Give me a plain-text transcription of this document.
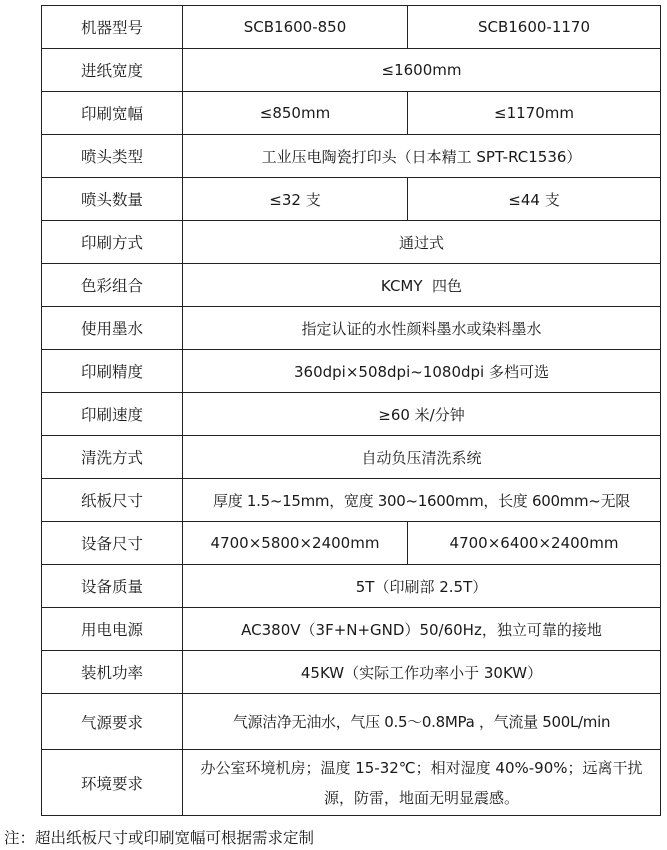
机器型号	SCB1600-850	SCB1600-1170
进纸宽度	≤1600mm	
印刷宽幅	≤850mm	≤1170mm
喷头类型	工业压电陶瓷打印头（日本精工 SPT-RC1536）	
喷头数量	≤32 支	≤44 支
印刷方式	通过式	
色彩组合	KCMY  四色	
使用墨水	指定认证的水性颜料墨水或染料墨水	
印刷精度	360dpi×508dpi~1080dpi 多档可选	
印刷速度	≥60 米/分钟	
清洗方式	自动负压清洗系统	
纸板尺寸	厚度 1.5~15mm，宽度 300~1600mm，长度 600mm~无限	
设备尺寸	4700×5800×2400mm	4700×6400×2400mm
设备质量	5T（印刷部 2.5T）	
用电电源	AC380V（3F+N+GND）50/60Hz，独立可靠的接地	
装机功率	45KW（实际工作功率小于 30KW）	
气源要求	气源洁净无油水，气压 0.5～0.8MPa ，气流量 500L/min	
环境要求	办公室环境机房；温度 15-32℃；相对湿度 40%-90%；远离干扰源，防雷，地面无明显震感。	
注：超出纸板尺寸或印刷宽幅可根据需求定制
